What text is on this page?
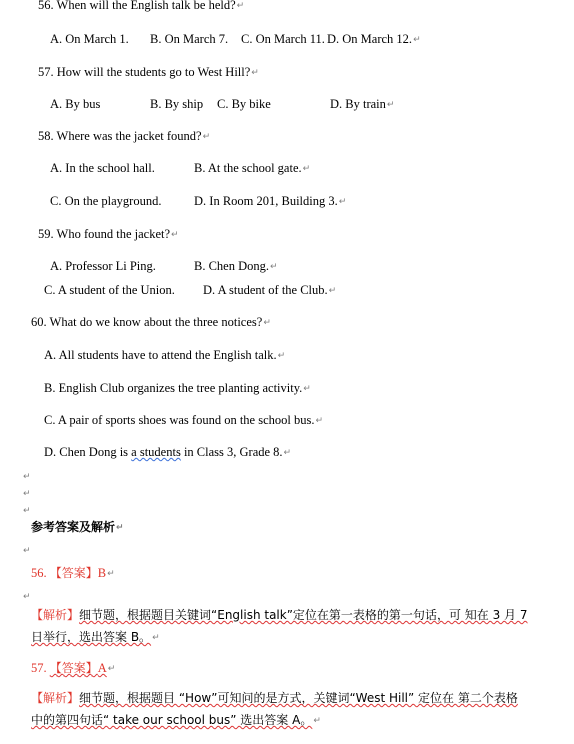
56. When will the English talk be held?↵
A. On March 1. B. On March 7. C. On March 11. D. On March 12.↵
57. How will the students go to West Hill?↵
A. By bus	B. By ship C. By bike	D. By train↵
58. Where was the jacket found?↵
A. In the school hall.	B. At the school gate.↵
C. On the playground.	D. In Room 201, Building 3.↵
59. Who found the jacket?↵
A. Professor Li Ping.	B. Chen Dong.↵
C. A student of the Union. D. A student of the Club.↵
60. What do we know about the three notices?↵
A. All students have to attend the English talk.↵
B. English Club organizes the tree planting activity.↵
C. A pair of sports shoes was found on the school bus.↵
D. Chen Dong is a students in Class 3, Grade 8.↵
↵
↵
↵
参考答案及解析↵
↵
56. 【答案】B↵
↵
【解析】细节题，根据题目关键词“English talk”定位在第一表格的第一句话，可 知在 3 月 7
日举行，选出答案 B。↵
57. 【答案】A↵
【解析】细节题，根据题目 “How”可知问的是方式，关键词“West Hill” 定位在 第二个表格
中的第四句话“ take our school bus” 选出答案 A。↵
